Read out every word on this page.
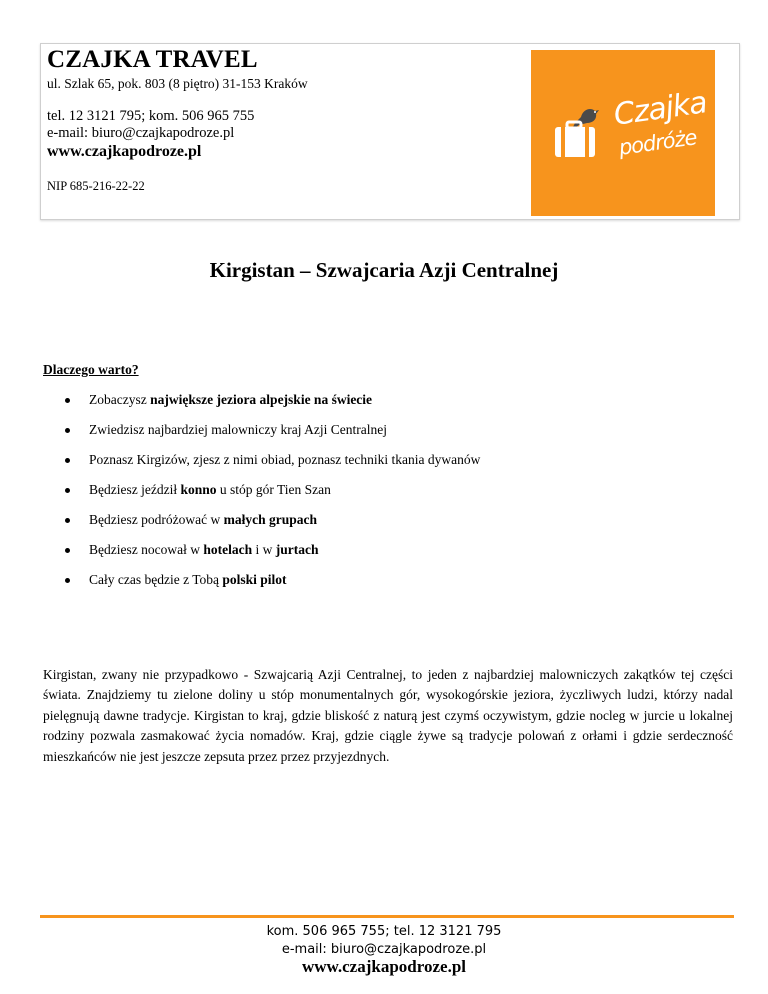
CZAJKA TRAVEL
ul. Szlak 65, pok. 803 (8 piętro) 31-153 Kraków
tel. 12 3121 795; kom. 506 965 755
e-mail: biuro@czajkapodroze.pl
www.czajkapodroze.pl
NIP 685-216-22-22
Czajka
podróże
Kirgistan – Szwajcaria Azji Centralnej
Dlaczego warto?
Zobaczysz największe jeziora alpejskie na świecie
Zwiedzisz najbardziej malowniczy kraj Azji Centralnej
Poznasz Kirgizów, zjesz z nimi obiad, poznasz techniki tkania dywanów
Będziesz jeździł konno u stóp gór Tien Szan
Będziesz podróżować w małych grupach
Będziesz nocował w hotelach i w jurtach
Cały czas będzie z Tobą polski pilot
Kirgistan, zwany nie przypadkowo - Szwajcarią Azji Centralnej, to jeden z najbardziej malowniczych zakątków tej części świata. Znajdziemy tu zielone doliny u stóp monumentalnych gór, wysokogórskie jeziora, życzliwych ludzi, którzy nadal pielęgnują dawne tradycje. Kirgistan to kraj, gdzie bliskość z naturą jest czymś oczywistym, gdzie nocleg w jurcie u lokalnej rodziny pozwala zasmakować życia nomadów. Kraj, gdzie ciągle żywe są tradycje polowań z orłami i gdzie serdeczność mieszkańców nie jest jeszcze zepsuta przez przez przyjezdnych.
kom. 506 965 755; tel. 12 3121 795
e-mail: biuro@czajkapodroze.pl
www.czajkapodroze.pl
